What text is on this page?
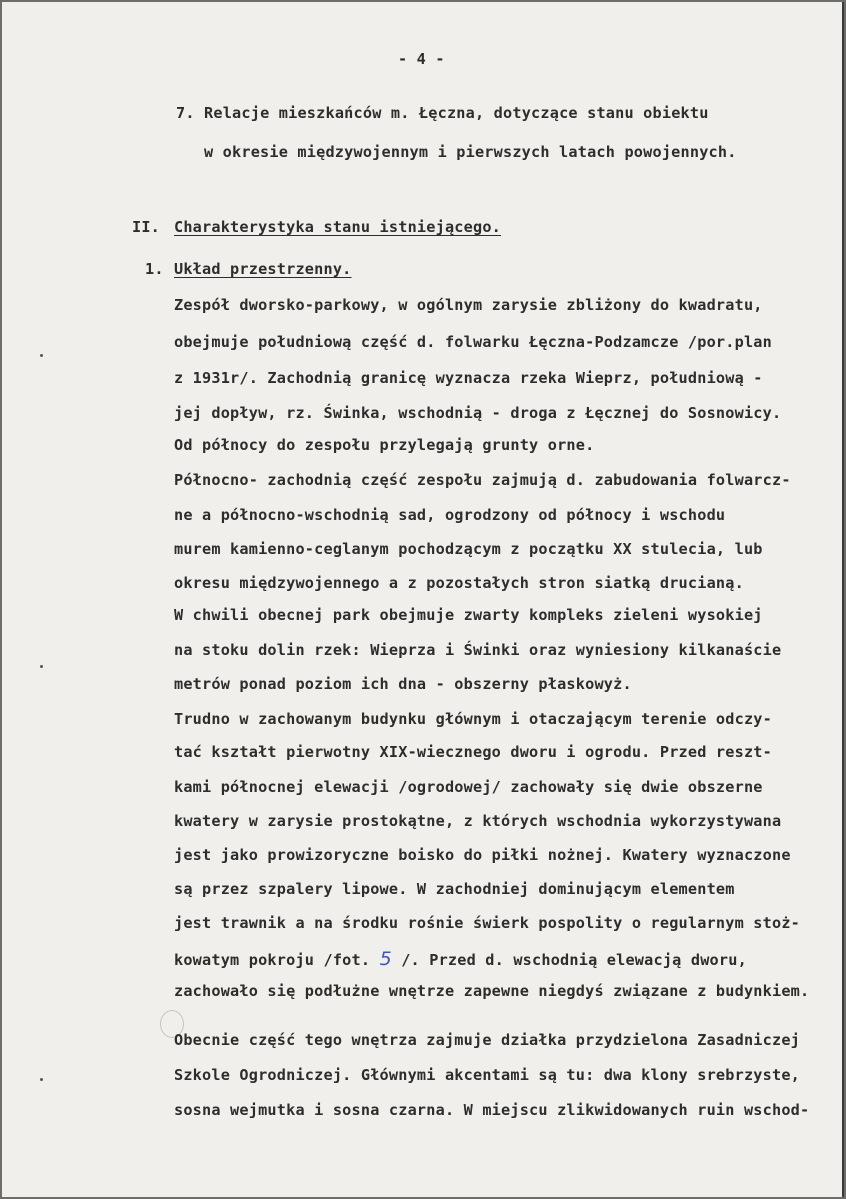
- 4 -
7. Relacje mieszkańców m. Łęczna, dotyczące stanu obiektu
w okresie międzywojennym i pierwszych latach powojennych.
II. Charakterystyka stanu istniejącego.
1. Układ przestrzenny.
Zespół dworsko-parkowy, w ogólnym zarysie zbliżony do kwadratu,
obejmuje południową część d. folwarku Łęczna-Podzamcze /por.plan
z 1931r/. Zachodnią granicę wyznacza rzeka Wieprz, południową -
jej dopływ, rz. Świnka, wschodnią - droga z Łęcznej do Sosnowicy.
Od północy do zespołu przylegają grunty orne.
Północno- zachodnią część zespołu zajmują d. zabudowania folwarcz-
ne a północno-wschodnią sad, ogrodzony od północy i wschodu
murem kamienno-ceglanym pochodzącym z początku XX stulecia, lub
okresu międzywojennego a z pozostałych stron siatką drucianą.
W chwili obecnej park obejmuje zwarty kompleks zieleni wysokiej
na stoku dolin rzek: Wieprza i Świnki oraz wyniesiony kilkanaście
metrów ponad poziom ich dna - obszerny płaskowyż.
Trudno w zachowanym budynku głównym i otaczającym terenie odczy-
tać kształt pierwotny XIX-wiecznego dworu i ogrodu. Przed reszt-
kami północnej elewacji /ogrodowej/ zachowały się dwie obszerne
kwatery w zarysie prostokątne, z których wschodnia wykorzystywana
jest jako prowizoryczne boisko do piłki nożnej. Kwatery wyznaczone
są przez szpalery lipowe. W zachodniej dominującym elementem
jest trawnik a na środku rośnie świerk pospolity o regularnym stoż-
kowatym pokroju /fot. 5 /. Przed d. wschodnią elewacją dworu,
zachowało się podłużne wnętrze zapewne niegdyś związane z budynkiem.
Obecnie część tego wnętrza zajmuje działka przydzielona Zasadniczej
Szkole Ogrodniczej. Głównymi akcentami są tu: dwa klony srebrzyste,
sosna wejmutka i sosna czarna. W miejscu zlikwidowanych ruin wschod-
